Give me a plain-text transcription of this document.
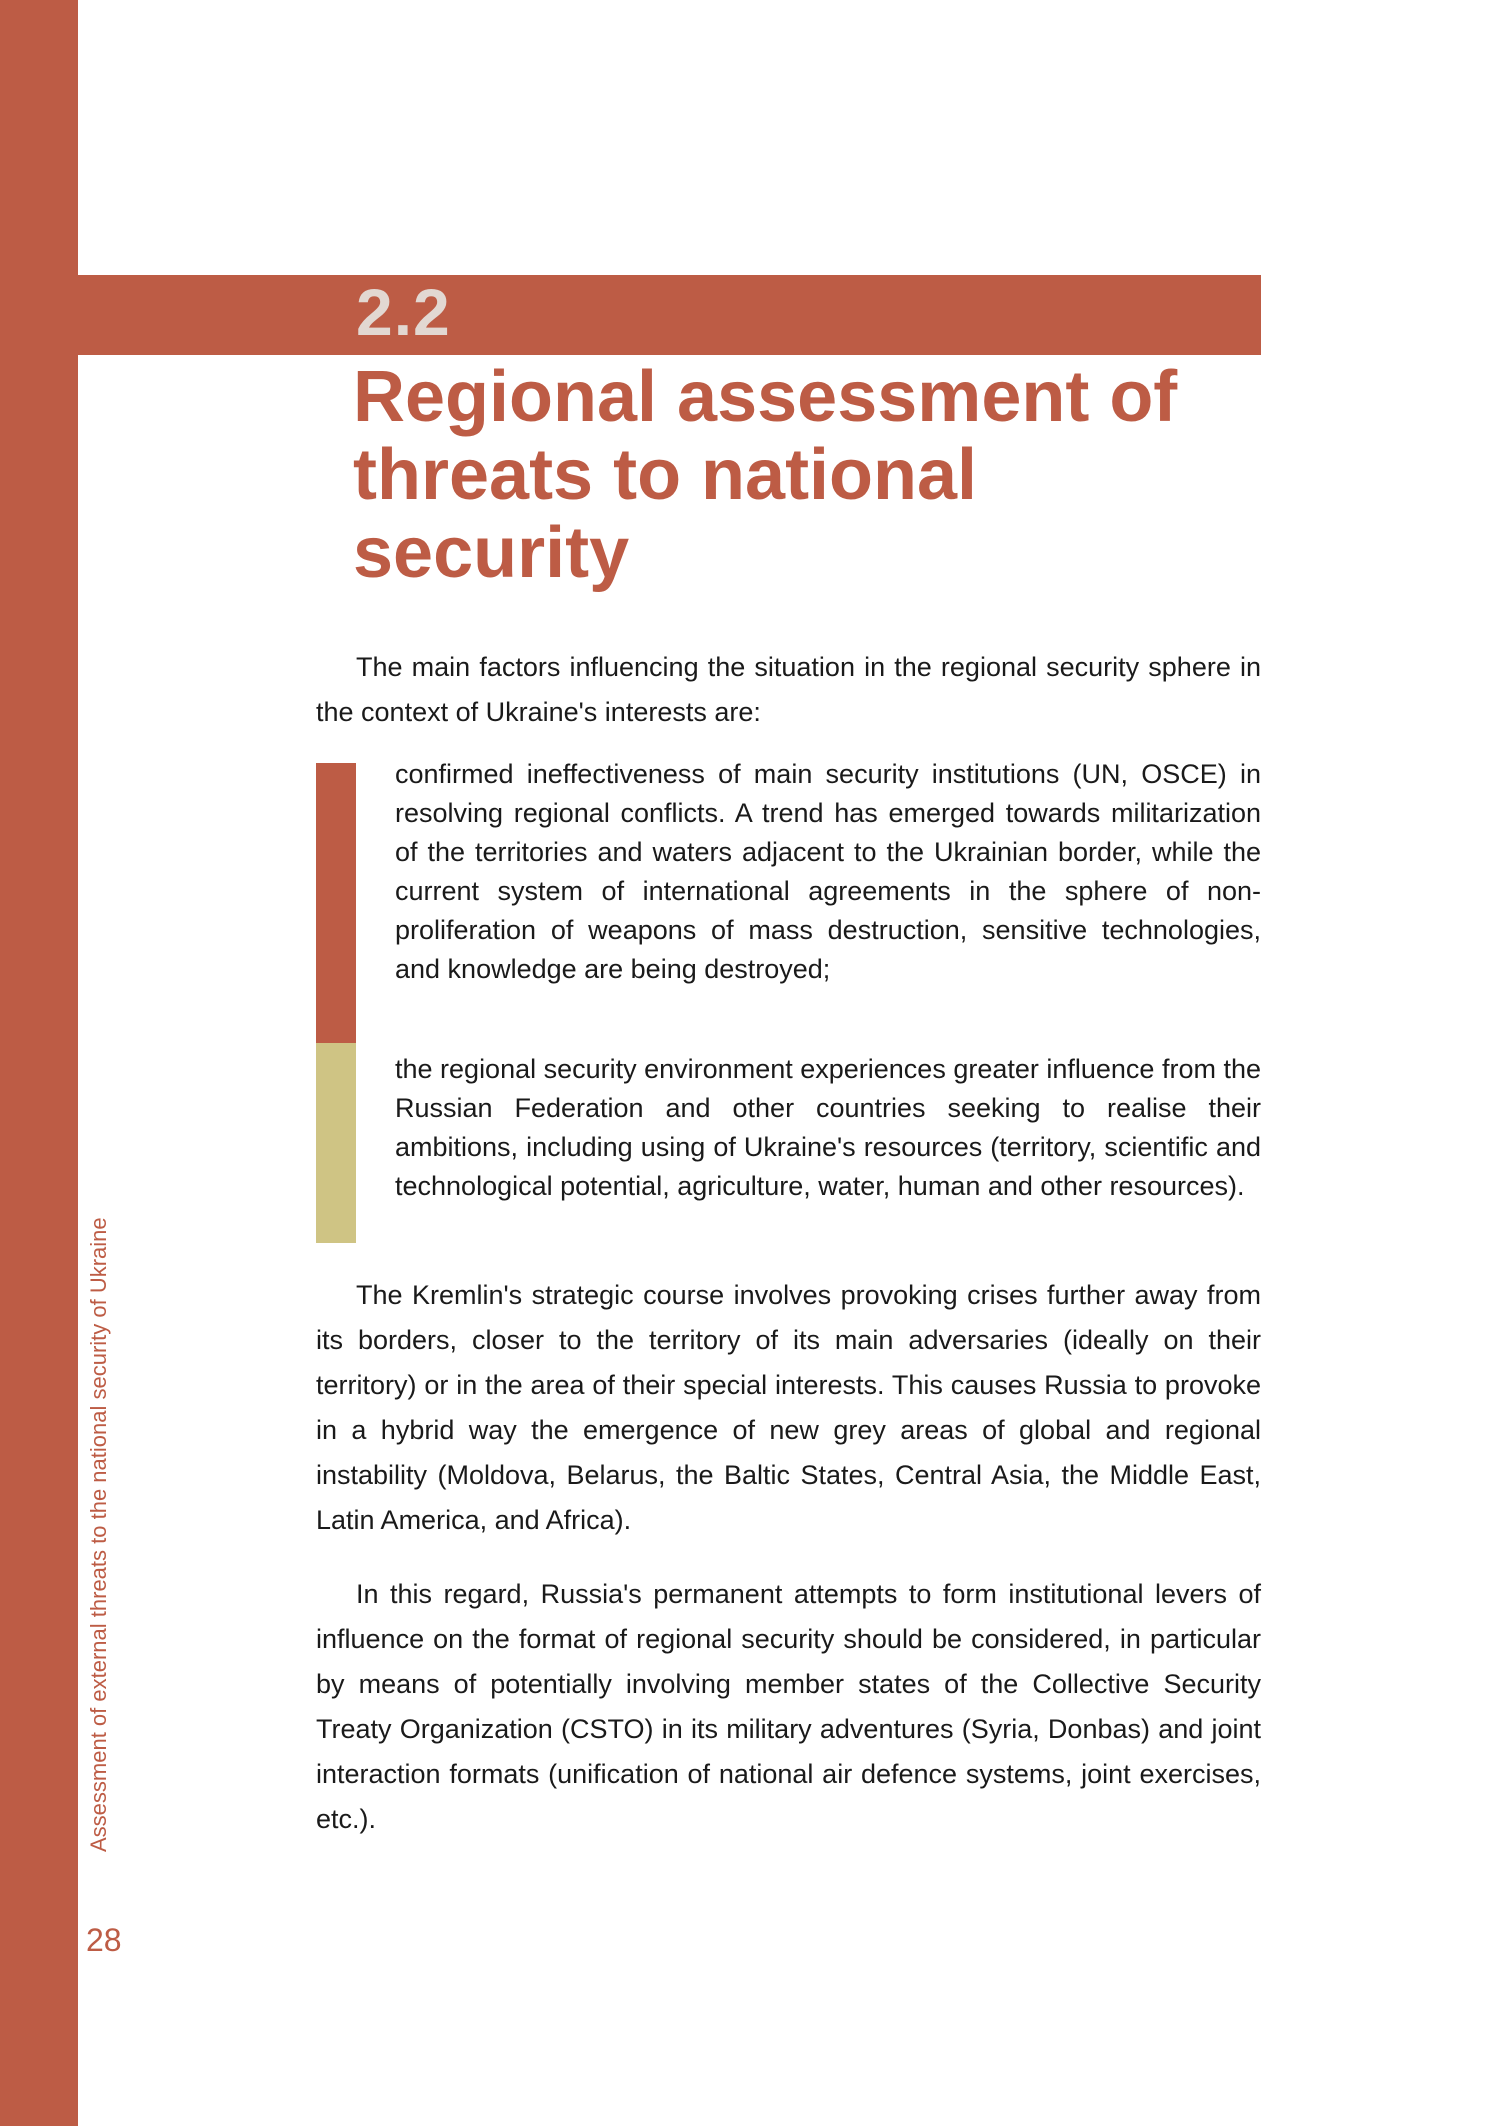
2.2
Regional assessment of threats to national security

The main factors influencing the situation in the regional security sphere in the context of Ukraine's interests are:

confirmed ineffectiveness of main security institutions (UN, OSCE) in resolving regional conflicts. A trend has emerged towards militarization of the territories and waters adjacent to the Ukrainian border, while the current system of international agreements in the sphere of non-proliferation of weapons of mass destruction, sensitive technologies, and knowledge are being destroyed;

the regional security environment experiences greater influence from the Russian Federation and other countries seeking to realise their ambitions, including using of Ukraine's resources (territory, scientific and technological potential, agriculture, water, human and other resources).

The Kremlin's strategic course involves provoking crises further away from its borders, closer to the territory of its main adversaries (ideally on their territory) or in the area of their special interests. This causes Russia to provoke in a hybrid way the emergence of new grey areas of global and regional instability (Moldova, Belarus, the Baltic States, Central Asia, the Middle East, Latin America, and Africa).

In this regard, Russia's permanent attempts to form institutional levers of influence on the format of regional security should be considered, in particular by means of potentially involving member states of the Collective Security Treaty Organization (CSTO) in its military adventures (Syria, Donbas) and joint interaction formats (unification of national air defence systems, joint exercises, etc.).

Assessment of external threats to the national security of Ukraine
28
